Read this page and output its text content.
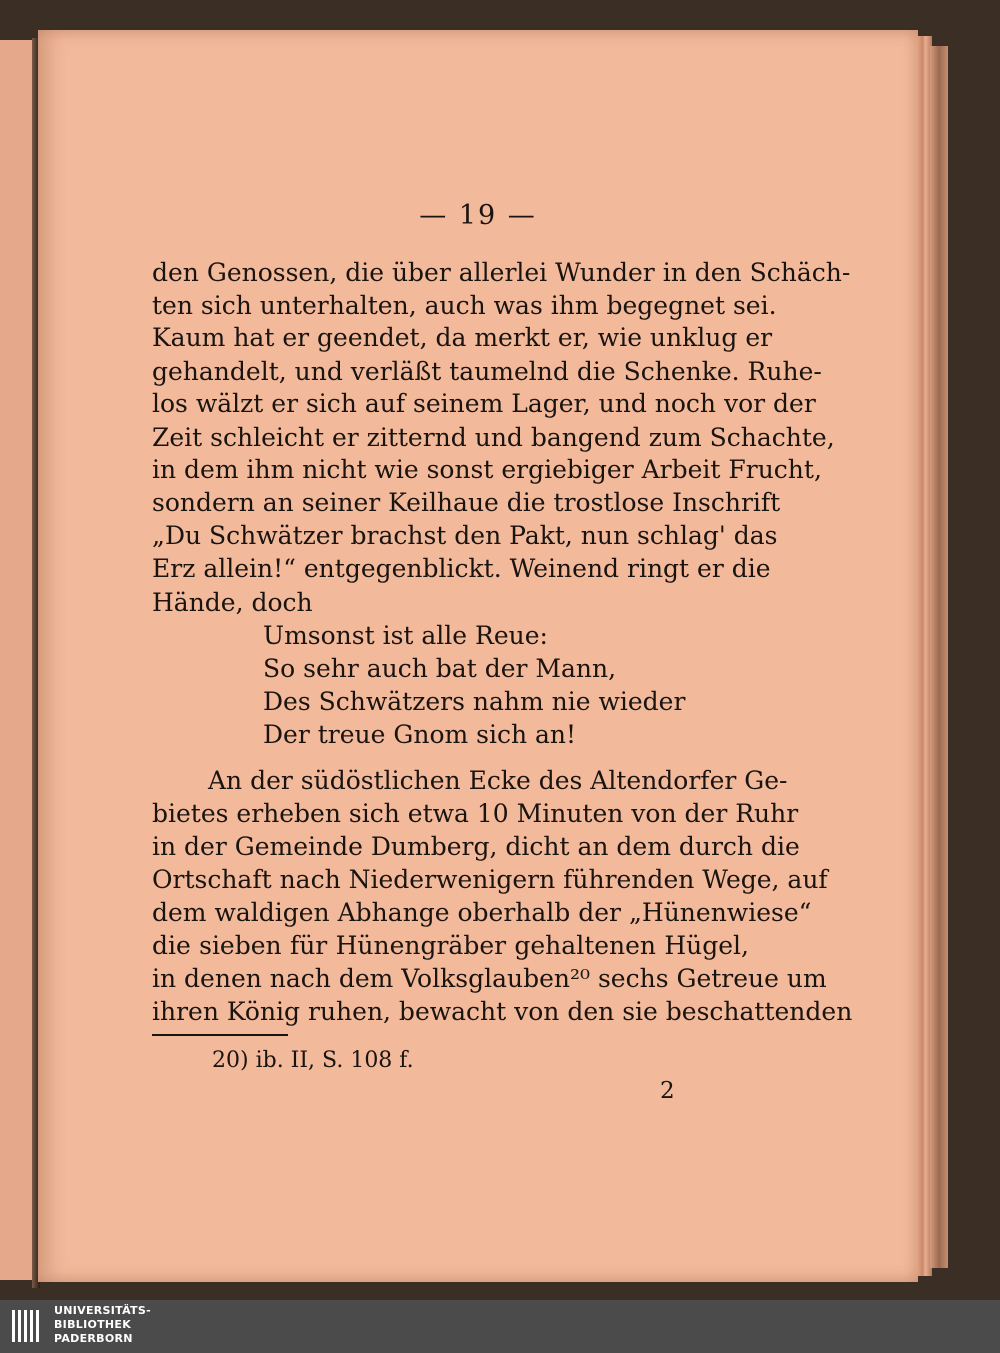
— 19 —
den Genossen, die über allerlei Wunder in den Schäch-
ten sich unterhalten, auch was ihm begegnet sei.
Kaum hat er geendet, da merkt er, wie unklug er
gehandelt, und verläßt taumelnd die Schenke. Ruhe-
los wälzt er sich auf seinem Lager, und noch vor der
Zeit schleicht er zitternd und bangend zum Schachte,
in dem ihm nicht wie sonst ergiebiger Arbeit Frucht,
sondern an seiner Keilhaue die trostlose Inschrift
„Du Schwätzer brachst den Pakt, nun schlag' das
Erz allein!“ entgegenblickt. Weinend ringt er die
Hände, doch
Umsonst ist alle Reue:
So sehr auch bat der Mann,
Des Schwätzers nahm nie wieder
Der treue Gnom sich an!
An der südöstlichen Ecke des Altendorfer Ge-
bietes erheben sich etwa 10 Minuten von der Ruhr
in der Gemeinde Dumberg, dicht an dem durch die
Ortschaft nach Niederwenigern führenden Wege, auf
dem waldigen Abhange oberhalb der „Hünenwiese“
die sieben für Hünengräber gehaltenen Hügel,
in denen nach dem Volksglauben²⁰ sechs Getreue um
ihren König ruhen, bewacht von den sie beschattenden
20) ib. II, S. 108 f.
2
UNIVERSITÄTS-
BIBLIOTHEK
PADERBORN
